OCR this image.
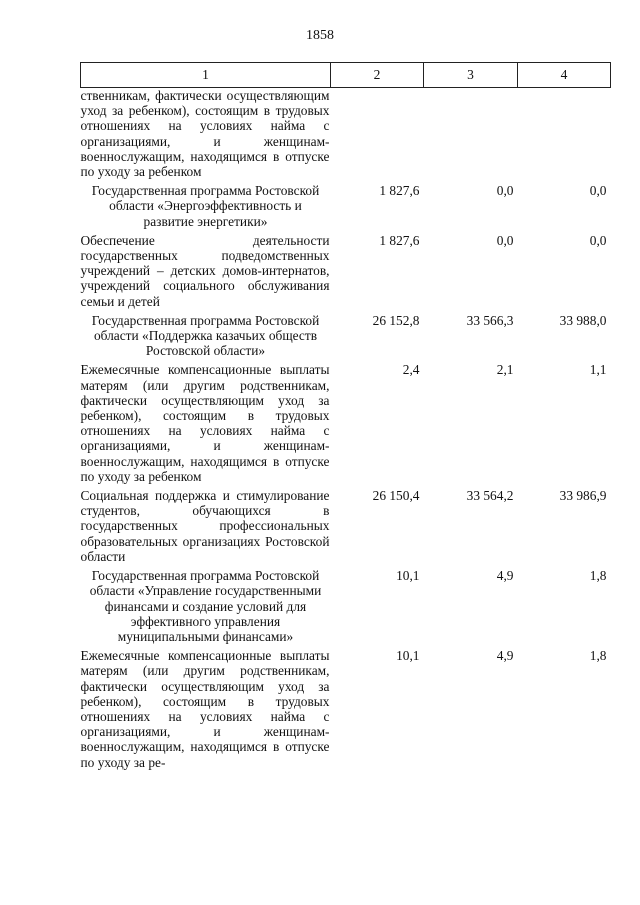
1858
1	2	3	4
ственникам, фактически осуществляющим уход за ребенком), состоящим в трудовых отношениях на условиях найма с организациями, и женщинам-военнослужащим, находящимся в отпуске по уходу за ребенком			
Государственная программа Ростовской области «Энергоэффективность и развитие энергетики»	1 827,6	0,0	0,0
Обеспечение деятельности государственных подведомственных учреждений – детских домов-интернатов, учреждений социального обслуживания семьи и детей	1 827,6	0,0	0,0
Государственная программа Ростовской области «Поддержка казачьих обществ Ростовской области»	26 152,8	33 566,3	33 988,0
Ежемесячные компенсационные выплаты матерям (или другим родственникам, фактически осуществляющим уход за ребенком), состоящим в трудовых отношениях на условиях найма с организациями, и женщинам-военнослужащим, находящимся в отпуске по уходу за ребенком	2,4	2,1	1,1
Социальная поддержка и стимулирование студентов, обучающихся в государственных профессиональных образовательных организациях Ростовской области	26 150,4	33 564,2	33 986,9
Государственная программа Ростовской области «Управление государственными финансами и создание условий для эффективного управления муниципальными финансами»	10,1	4,9	1,8
Ежемесячные компенсационные выплаты матерям (или другим родственникам, фактически осуществляющим уход за ребенком), состоящим в трудовых отношениях на условиях найма с организациями, и женщинам-военнослужащим, находящимся в отпуске по уходу за ре-	10,1	4,9	1,8
